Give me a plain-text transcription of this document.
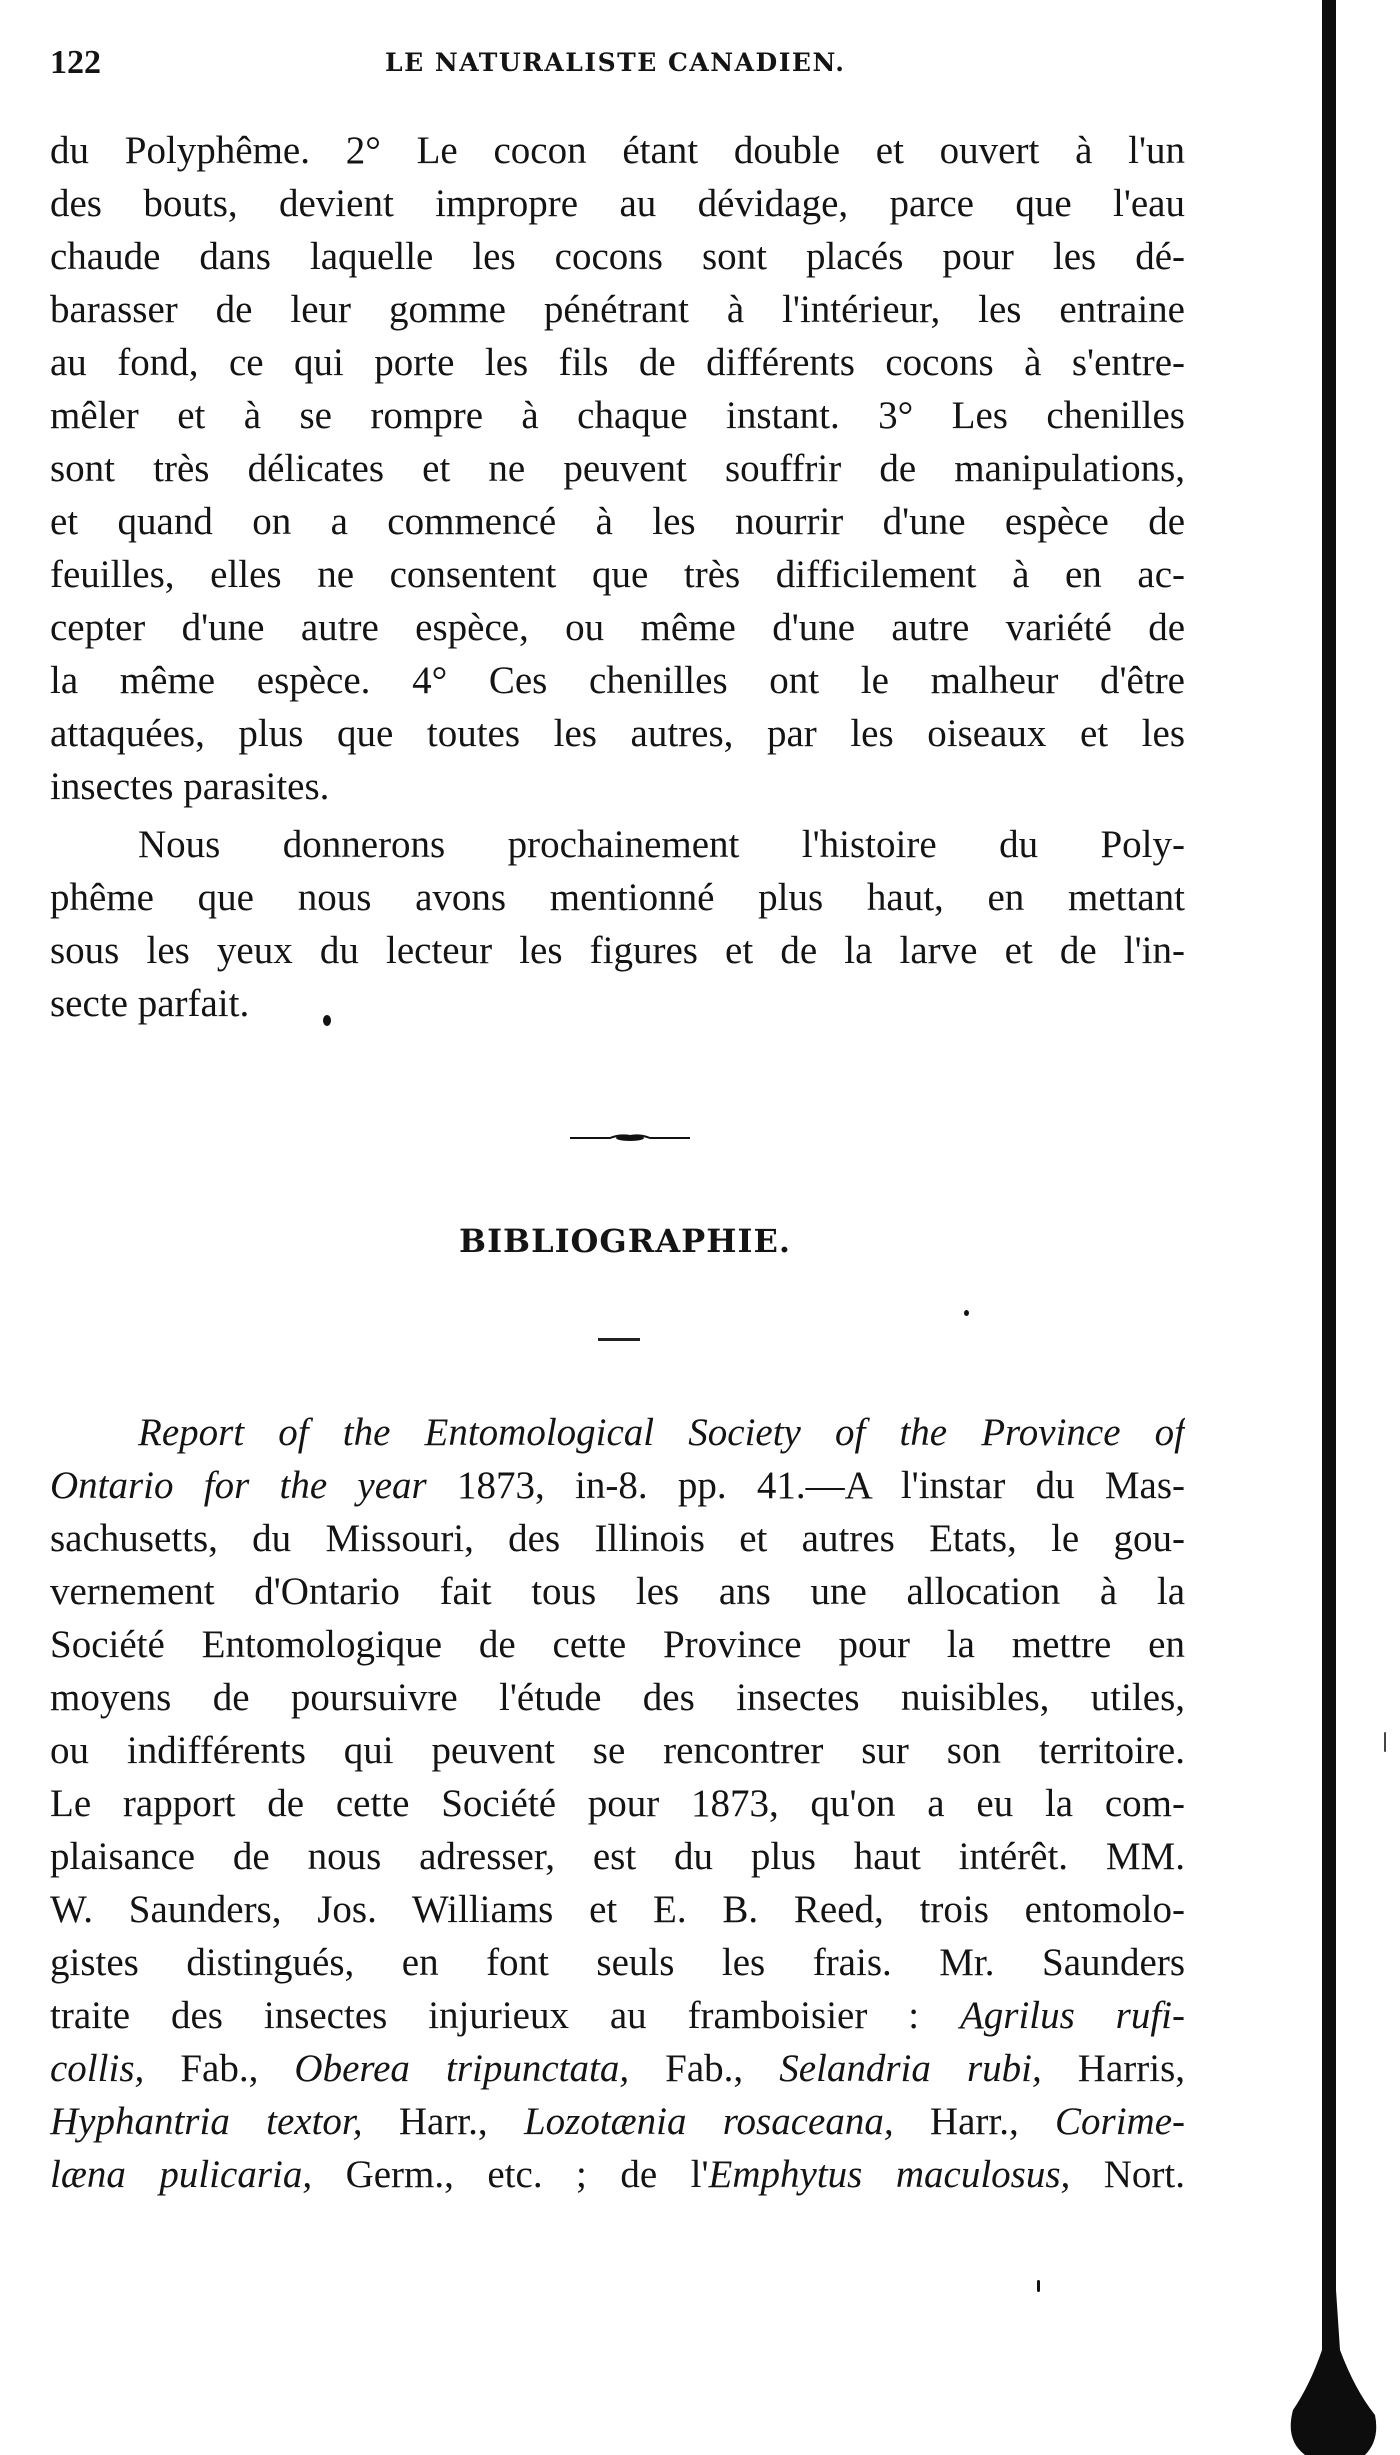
122	LE NATURALISTE CANADIEN.
du Polyphême. 2° Le cocon étant double et ouvert à l'un
des bouts, devient impropre au dévidage, parce que l'eau
chaude dans laquelle les cocons sont placés pour les dé-
barasser de leur gomme pénétrant à l'intérieur, les entraine
au fond, ce qui porte les fils de différents cocons à s'entre-
mêler et à se rompre à chaque instant. 3° Les chenilles
sont très délicates et ne peuvent souffrir de manipulations,
et quand on a commencé à les nourrir d'une espèce de
feuilles, elles ne consentent que très difficilement à en ac-
cepter d'une autre espèce, ou même d'une autre variété de
la même espèce. 4° Ces chenilles ont le malheur d'être
attaquées, plus que toutes les autres, par les oiseaux et les
insectes parasites.
Nous donnerons prochainement l'histoire du Poly-
phême que nous avons mentionné plus haut, en mettant
sous les yeux du lecteur les figures et de la larve et de l'in-
secte parfait.
BIBLIOGRAPHIE.
Report of the Entomological Society of the Province of
Ontario for the year 1873, in-8. pp. 41.—A l'instar du Mas-
sachusetts, du Missouri, des Illinois et autres Etats, le gou-
vernement d'Ontario fait tous les ans une allocation à la
Société Entomologique de cette Province pour la mettre en
moyens de poursuivre l'étude des insectes nuisibles, utiles,
ou indifférents qui peuvent se rencontrer sur son territoire.
Le rapport de cette Société pour 1873, qu'on a eu la com-
plaisance de nous adresser, est du plus haut intérêt. MM.
W. Saunders, Jos. Williams et E. B. Reed, trois entomolo-
gistes distingués, en font seuls les frais. Mr. Saunders
traite des insectes injurieux au framboisier : Agrilus rufi-
collis, Fab., Oberea tripunctata, Fab., Selandria rubi, Harris,
Hyphantria textor, Harr., Lozotænia rosaceana, Harr., Corime-
læna pulicaria, Germ., etc. ; de l'Emphytus maculosus, Nort.
